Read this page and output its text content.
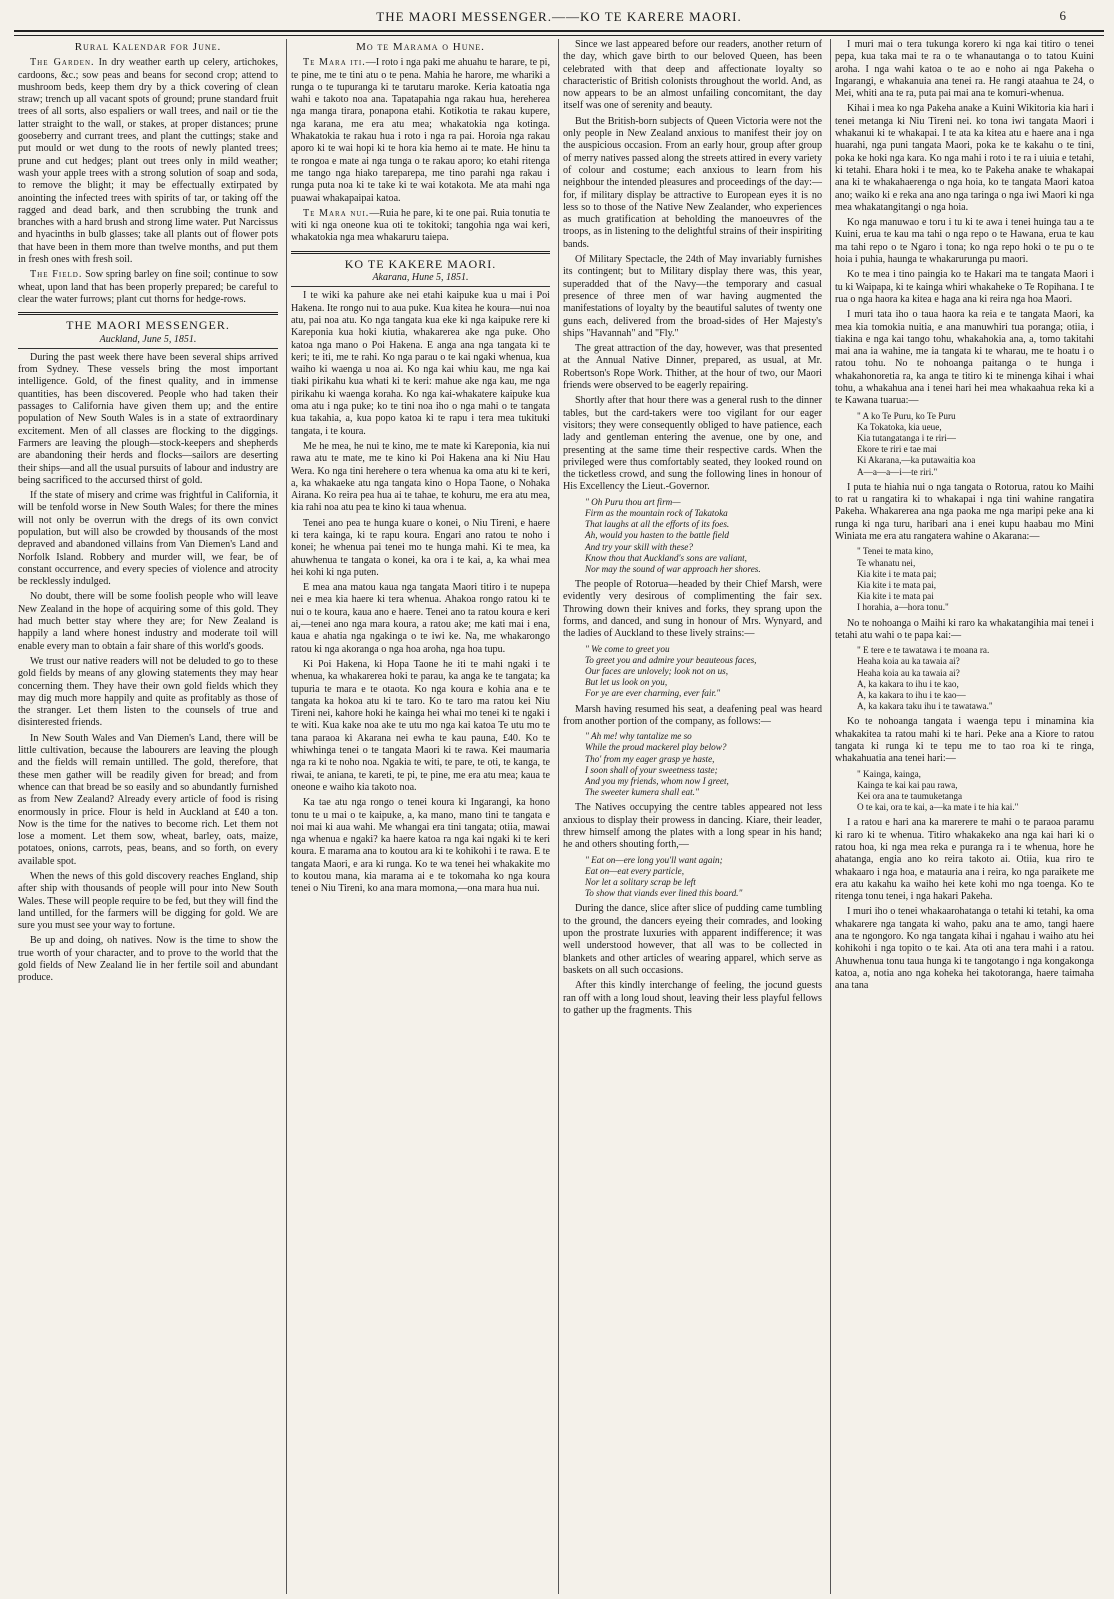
THE MAORI MESSENGER.——KO TE KARERE MAORI.	6
Rural Kalendar for June.

The Garden. In dry weather earth up celery, artichokes, cardoons, &c.; sow peas and beans for second crop; attend to mushroom beds, keep them dry by a thick covering of clean straw; trench up all vacant spots of ground; prune standard fruit trees of all sorts, also espaliers or wall trees, and nail or tie the latter straight to the wall, or stakes, at proper distances; prune gooseberry and currant trees, and plant the cuttings; stake and put mould or wet dung to the roots of newly planted trees; prune and cut hedges; plant out trees only in mild weather; wash your apple trees with a strong solution of soap and soda, to remove the blight; it may be effectually extirpated by anointing the infected trees with spirits of tar, or taking off the ragged and dead bark, and then scrubbing the trunk and branches with a hard brush and strong lime water. Put Narcissus and hyacinths in bulb glasses; take all plants out of flower pots that have been in them more than twelve months, and put them in fresh ones with fresh soil.

The Field. Sow spring barley on fine soil; continue to sow wheat, upon land that has been properly prepared; be careful to clear the water furrows; plant cut thorns for hedge-rows.

THE MAORI MESSENGER.
Auckland, June 5, 1851.

During the past week there have been several ships arrived from Sydney. These vessels bring the most important intelligence. Gold, of the finest quality, and in immense quantities, has been discovered. People who had taken their passages to California have given them up; and the entire population of New South Wales is in a state of extraordinary excitement. Men of all classes are flocking to the diggings. Farmers are leaving the plough—stock-keepers and shepherds are abandoning their herds and flocks—sailors are deserting their ships—and all the usual pursuits of labour and industry are being sacrificed to the accursed thirst of gold.

If the state of misery and crime was frightful in California, it will be tenfold worse in New South Wales; for there the mines will not only be overrun with the dregs of its own convict population, but will also be crowded by thousands of the most depraved and abandoned villains from Van Diemen's Land and Norfolk Island. Robbery and murder will, we fear, be of constant occurrence, and every species of violence and atrocity be recklessly indulged.

No doubt, there will be some foolish people who will leave New Zealand in the hope of acquiring some of this gold. They had much better stay where they are; for New Zealand is happily a land where honest industry and moderate toil will enable every man to obtain a fair share of this world's goods.

We trust our native readers will not be deluded to go to these gold fields by means of any glowing statements they may hear concerning them. They have their own gold fields which they may dig much more happily and quite as profitably as those of the stranger. Let them listen to the counsels of true and disinterested friends.

In New South Wales and Van Diemen's Land, there will be little cultivation, because the labourers are leaving the plough and the fields will remain untilled. The gold, therefore, that these men gather will be readily given for bread; and from whence can that bread be so easily and so abundantly furnished as from New Zealand? Already every article of food is rising enormously in price. Flour is held in Auckland at £40 a ton. Now is the time for the natives to become rich. Let them not lose a moment. Let them sow, wheat, barley, oats, maize, potatoes, onions, carrots, peas, beans, and so forth, on every available spot.

When the news of this gold discovery reaches England, ship after ship with thousands of people will pour into New South Wales. These will people require to be fed, but they will find the land untilled, for the farmers will be digging for gold. We are sure you must see your way to fortune.

Be up and doing, oh natives. Now is the time to show the true worth of your character, and to prove to the world that the gold fields of New Zealand lie in her fertile soil and abundant produce.

Mo te Marama o Hune.

Te Mara iti.—I roto i nga paki me ahuahu te harare, te pi, te pine, me te tini atu o te pena. Mahia he harore, me whariki a runga o te tupuranga ki te tarutaru maroke. Keria katoatia nga wahi e takoto noa ana. Tapatapahia nga rakau hua, herehereа nga manga tirara, ponaponа etahi. Kotikotia te rakau kupere, nga karana, me era atu mea; whakatokia nga kotinga. Whakatokia te rakau hua i roto i nga ra pai. Horoia nga rakau aporo ki te wai hopi ki te hora kia hemo ai te mate. He hinu ta te rongoa e mate ai nga tunga o te rakau aporo; ko etahi ritenga me tango nga hiako tareparepa, me tino parahi nga rakau i runga puta noa ki te take ki te wai kotakota. Me ata mahi nga puawai whakapaipai katoa.

Te Mara nui.—Ruia he pare, ki te one pai. Ruia tonutia te witi ki nga oneone kua oti te tokitoki; tangohia nga wai keri, whakatokia nga mea whakaruru taiepa.

KO TE KAKERE MAORI.
Akarana, Hune 5, 1851.

I te wiki ka pahure ake nei etahi kaipuke kua u mai i Poi Hakena. Ite rongo nui to aua puke. Kua kitea he koura—nui noa atu, pai noa atu. Ko nga tangata kua eke ki nga kaipuke rere ki Kareponia kua hoki kiutia, whakarerea ake nga puke. Oho katoa nga mano o Poi Hakena. E anga ana nga tangata ki te keri; te iti, me te rahi. Ko nga parau o te kai ngaki whenua, kua waiho ki waenga u noa ai. Ko nga kai whiu kau, me nga kai tiaki pirikahu kua whati ki te keri: mahue ake nga kau, me nga pirikahu ki waenga koraha. Ko nga kai-whakatere kaipuke kua oma atu i nga puke; ko te tini noa iho o nga mahi o te tangata kua takahia, a, kua popo katoa ki te rapu i tera mea tukituki tangata, i te koura.

Me he mea, he nui te kino, me te mate ki Kareponia, kia nui rawa atu te mate, me te kino ki Poi Hakena ana ki Niu Hau Wera. Ko nga tini herehere o tera whenua ka oma atu ki te keri, a, ka whakaeke atu nga tangata kino o Hopa Taone, o Nohaka Airana. Ko reira pea hua ai te tahae, te kohuru, me era atu mea, kia rahi noa atu pea te kino ki taua whenua.

Tenei ano pea te hunga kuare o konei, o Niu Tireni, e haere ki tera kainga, ki te rapu koura. Engari ano ratou te noho i konei; he whenua pai tenei mo te hunga mahi. Ki te mea, ka ahuwhenua te tangata o konei, ka ora i te kai, a, ka whai mea hei kohi ki nga puten.

E mea ana matou kaua nga tangata Maori titiro i te nupepa nei e mea kia haere ki tera whenua. Ahakoa rongo ratou ki te nui o te koura, kaua ano e haere. Tenei ano ta ratou koura e keri ai,—tenei ano nga mara koura, a ratou ake; me kati mai i ena, kaua e ahatia nga ngakinga o te iwi ke. Na, me whakarongo ratou ki nga akoranga o nga hoa aroha, nga hoa tupu.

Ki Poi Hakena, ki Hopa Taone he iti te mahi ngaki i te whenua, ka whakarerea hoki te parau, ka anga ke te tangata; ka tupuria te mara e te otaota. Ko nga koura e kohia ana e te tangata ka hokoa atu ki te taro. Ko te taro ma ratou kei Niu Tireni nei, kahore hoki he kainga hei whai mo tenei ki te ngaki i te witi. Kua kake noa ake te utu mo nga kai katoa Te utu mo te tana paraoa ki Akarana nei ewha te kau pauna, £40. Ko te whiwhinga tenei o te tangata Maori ki te rawa. Kei maumaria nga ra ki te noho noa. Ngakia te witi, te pare, te oti, te kanga, te riwai, te aniana, te kareti, te pi, te pine, me era atu mea; kaua te oneone e waiho kia takoto noa.

Ka tae atu nga rongo o tenei koura ki Ingarangi, ka hono tonu te u mai o te kaipuke, a, ka mano, mano tini te tangata e noi mai ki aua wahi. Me whangai era tini tangata; otiia, mawai nga whenua e ngaki? ka haere katoa ra nga kai ngaki ki te keri koura. E marama ana to koutou ara ki te kohikohi i te rawa. E te tangata Maori, e ara ki runga. Ko te wa tenei hei whakakite mo to koutou mana, kia marama ai e te tokomaha ko nga koura tenei o Niu Tireni, ko ana mara momona,—ona mara hua nui.

Since we last appeared before our readers, another return of the day, which gave birth to our beloved Queen, has been celebrated with that deep and affectionate loyalty so characteristic of British colonists throughout the world. And, as now appears to be an almost unfailing concomitant, the day itself was one of serenity and beauty.

But the British-born subjects of Queen Victoria were not the only people in New Zealand anxious to manifest their joy on the auspicious occasion. From an early hour, group after group of merry natives passed along the streets attired in every variety of colour and costume; each anxious to learn from his neighbour the intended pleasures and proceedings of the day:—for, if military display be attractive to European eyes it is no less so to those of the Native New Zealander, who experiences as much gratification at beholding the manoeuvres of the troops, as in listening to the delightful strains of their inspiriting bands.

Of Military Spectacle, the 24th of May invariably furnishes its contingent; but to Military display there was, this year, superadded that of the Navy—the temporary and casual presence of three men of war having augmented the manifestations of loyalty by the beautiful salutes of twenty one guns each, delivered from the broad-sides of Her Majesty's ships "Havannah" and "Fly."

The great attraction of the day, however, was that presented at the Annual Native Dinner, prepared, as usual, at Mr. Robertson's Rope Work. Thither, at the hour of two, our Maori friends were observed to be eagerly repairing.

Shortly after that hour there was a general rush to the dinner tables, but the card-takers were too vigilant for our eager visitors; they were consequently obliged to have patience, each lady and gentleman entering the avenue, one by one, and presenting at the same time their respective cards. When the privileged were thus comfortably seated, they looked round on the ticketless crowd, and sung the following lines in honour of His Excellency the Lieut.-Governor.

" Oh Puru thou art firm—
Firm as the mountain rock of Takatoka
That laughs at all the efforts of its foes.
Ah, would you hasten to the battle field
And try your skill with these?
Know thou that Auckland's sons are valiant,
Nor may the sound of war approach her shores.

The people of Rotorua—headed by their Chief Marsh, were evidently very desirous of complimenting the fair sex. Throwing down their knives and forks, they sprang upon the forms, and danced, and sung in honour of Mrs. Wynyard, and the ladies of Auckland to these lively strains:—

" We come to greet you
To greet you and admire your beauteous faces,
Our faces are unlovely; look not on us,
But let us look on you,
For ye are ever charming, ever fair."

Marsh having resumed his seat, a deafening peal was heard from another portion of the company, as follows:—

" Ah me! why tantalize me so
While the proud mackerel play below?
Tho' from my eager grasp ye haste,
I soon shall of your sweetness taste;
And you my friends, whom now I greet,
The sweeter kumera shall eat."

The Natives occupying the centre tables appeared not less anxious to display their prowess in dancing. Kiare, their leader, threw himself among the plates with a long spear in his hand; he and others shouting forth,—

" Eat on—ere long you'll want again;
Eat on—eat every particle,
Nor let a solitary scrap be left
To show that viands ever lined this board."

During the dance, slice after slice of pudding came tumbling to the ground, the dancers eyeing their comrades, and looking upon the prostrate luxuries with apparent indifference; it was well understood however, that all was to be collected in blankets and other articles of wearing apparel, which serve as baskets on all such occasions.

After this kindly interchange of feeling, the jocund guests ran off with a long loud shout, leaving their less playful fellows to gather up the fragments. This

I muri mai o tera tukunga korero ki nga kai titiro o tenei pepa, kua taka mai te ra o te whanautanga o to tatou Kuini aroha. I nga wahi katoa o te ao e noho ai nga Pakeha o Ingarangi, e whakanuia ana tenei ra. He rangi ataahua te 24, o Mei, whiti ana te ra, puta pai mai ana te komuri-whenua.

Kihai i mea ko nga Pakeha anake a Kuini Wikitoria kia hari i tenei metanga ki Niu Tireni nei. ko tona iwi tangata Maori i whakanui ki te whakapai. I te ata ka kitea atu e haere ana i nga huarahi, nga puni tangata Maori, poka ke te kakahu o te tini, poka ke hoki nga kara. Ko nga mahi i roto i te ra i uiuia e tetahi, ki tetahi. Ehara hoki i te mea, ko te Pakeha anake te whakapai ana ki te whakahaerenga o nga hoia, ko te tangata Maori katoa ano; waiko ki e reka ana ano nga taringa o nga iwi Maori ki nga mea whakatangitangi o nga hoia.

Ko nga manuwao e toru i tu ki te awa i tenei huinga tau a te Kuini, erua te kau ma tahi o nga repo o te Hawana, erua te kau ma tahi repo o te Ngaro i tona; ko nga repo hoki o te pu o te hoia i puhia, haunga te whakarurunga pu maori.

Ko te mea i tino paingia ko te Hakari ma te tangata Maori i tu ki Waipapa, ki te kainga whiri whakaheke o Te Ropihana. I te rua o nga haora ka kitea e haga ana ki reira nga hoa Maori.

I muri tata iho o taua haora ka reia e te tangata Maori, ka mea kia tomokia nuitia, e ana manuwhiri tua poranga; otiia, i tiakina e nga kai tango tohu, whakahokia ana, a, tomo takitahi mai ana ia wahine, me ia tangata ki te wharau, me te hoatu i o ratou tohu. No te nohoanga paitanga o te hunga i whakahonoretia ra, ka anga te titiro ki te minenga kihai i whai tohu, a whakahua ana i tenei hari hei mea whakaahua reka ki a te Kawana tuarua:—

" A ko Te Puru, ko Te Puru
Ka Tokatoka, kia ueue,
Kia tutangatanga i te riri—
Ekore te riri e tae mai
Ki Akarana,—ka putawaitia koa
A—a—a—i—te riri."

I puta te hiahia nui o nga tangata o Rotorua, ratou ko Maihi to rat u rangatira ki to whakapai i nga tini wahine rangatira Pakeha. Whakarerea ana nga paoka me nga maripi peke ana ki runga ki nga turu, haribari ana i enei kupu haabau mo Mini Winiata me era atu rangatera wahine o Akarana:—

" Tenei te mata kino,
Te whanatu nei,
Kia kite i te mata pai;
Kia kite i te mata pai,
Kia kite i te mata pai
I horahia, a—hora tonu."

No te nohoanga o Maihi ki raro ka whakatangihia mai tenei i tetahi atu wahi o te papa kai:—

" E tere e te tawatawa i te moana ra.
Heaha koia au ka tawaia ai?
Heaha koia au ka tawaia ai?
A, ka kakara to ihu i te kao,
A, ka kakara to ihu i te kao—
A, ka kakara taku ihu i te tawatawa."

Ko te nohoanga tangata i waenga tepu i minamina kia whakakitea ta ratou mahi ki te hari. Peke ana a Kiore to ratou tangata ki runga ki te tepu me to tao roa ki te ringa, whakahuatia ana tenei hari:—

" Kainga, kainga,
Kainga te kai kai pau rawa,
Kei ora ana te taumuketanga
O te kai, ora te kai, a—ka mate i te hia kai."

I a ratou e hari ana ka marerere te mahi o te paraoa paramu ki raro ki te whenua. Titiro whakakeko ana nga kai hari ki o ratou hoa, ki nga mea reka e puranga ra i te whenua, hore he ahatanga, engia ano ko reira takoto ai. Otiia, kua riro te whakaaro i nga hoa, e matauria ana i reira, ko nga paraikete me era atu kakahu ka waiho hei kete kohi mo nga toenga. Ko te ritenga tonu tenei, i nga hakari Pakeha.

I muri iho o tenei whakaarohatanga o tetahi ki tetahi, ka oma whakarere nga tangata ki waho, paku ana te amo, tangi haere ana te ngongoro. Ko nga tangata kihai i ngahau i waiho atu hei kohikohi i nga topito o te kai. Ata oti ana tera mahi i a ratou. Ahuwhenua tonu taua hunga ki te tangotango i nga kongakonga katoa, a, notia ano nga koheka hei takotoranga, haere taimaha ana tana
